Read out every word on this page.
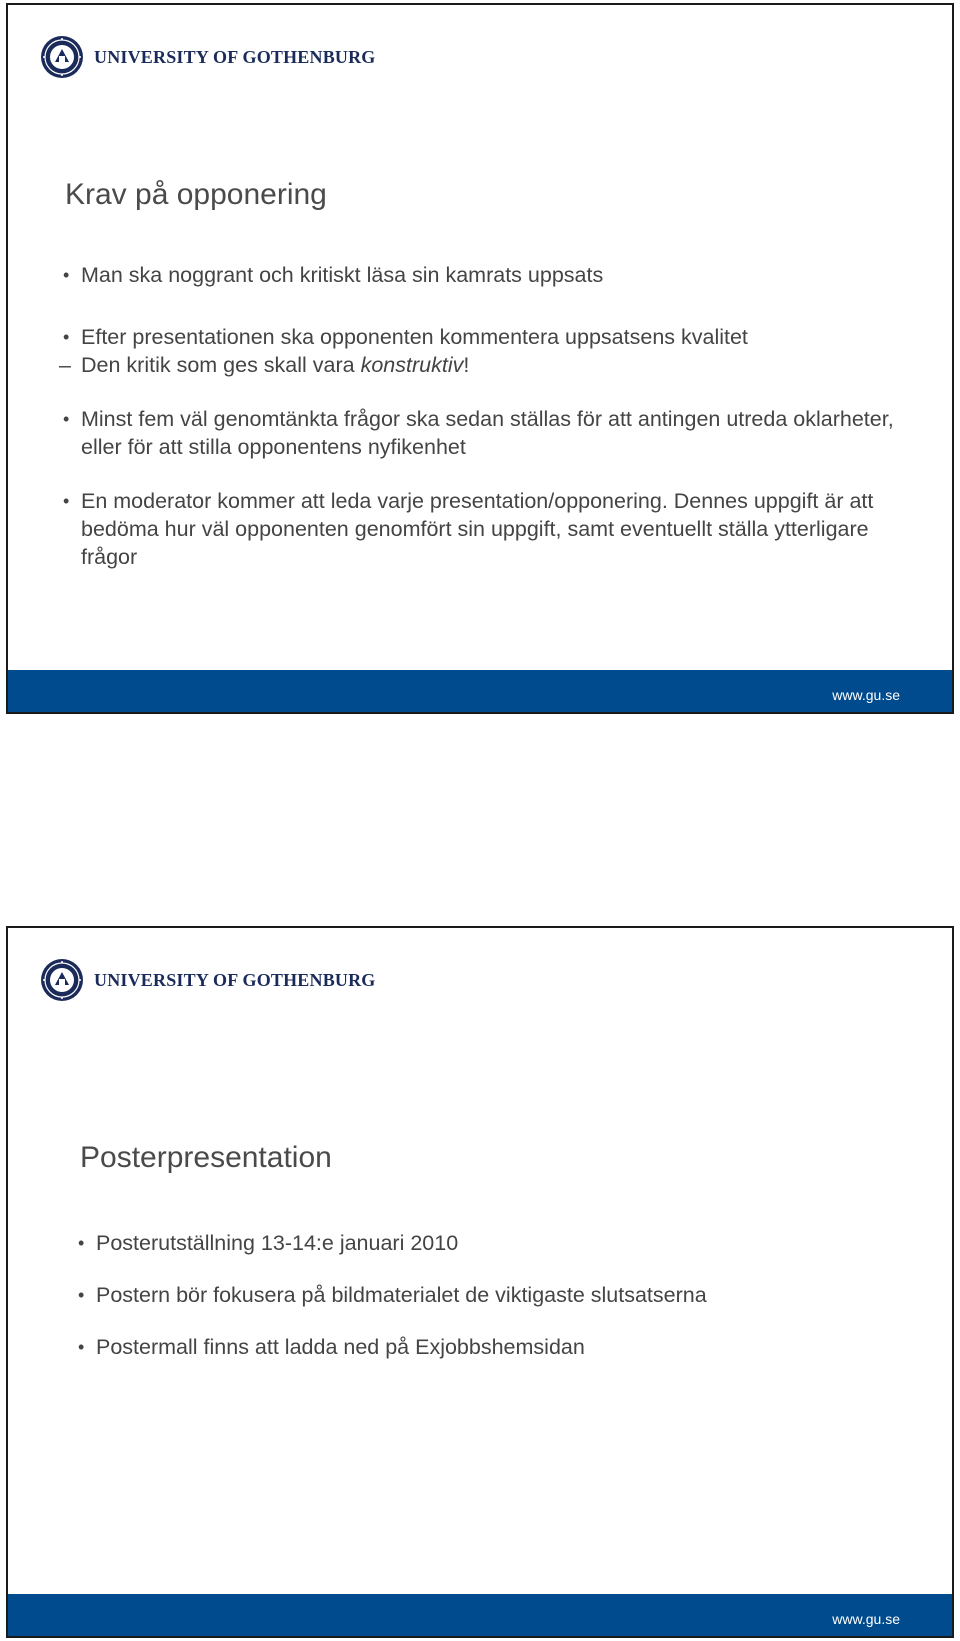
UNIVERSITY OF GOTHENBURG
Krav på opponering

• Man ska noggrant och kritiskt läsa sin kamrats uppsats

• Efter presentationen ska opponenten kommentera uppsatsens kvalitet

– Den kritik som ges skall vara konstruktiv!

• Minst fem väl genomtänkta frågor ska sedan ställas för att antingen utreda oklarheter, eller för att stilla opponentens nyfikenhet

• En moderator kommer att leda varje presentation/opponering. Dennes uppgift är att bedöma hur väl opponenten genomfört sin uppgift, samt eventuellt ställa ytterligare frågor

www.gu.se
UNIVERSITY OF GOTHENBURG
Posterpresentation

• Posterutställning 13-14:e januari 2010

• Postern bör fokusera på bildmaterialet de viktigaste slutsatserna

• Postermall finns att ladda ned på Exjobbshemsidan

www.gu.se
